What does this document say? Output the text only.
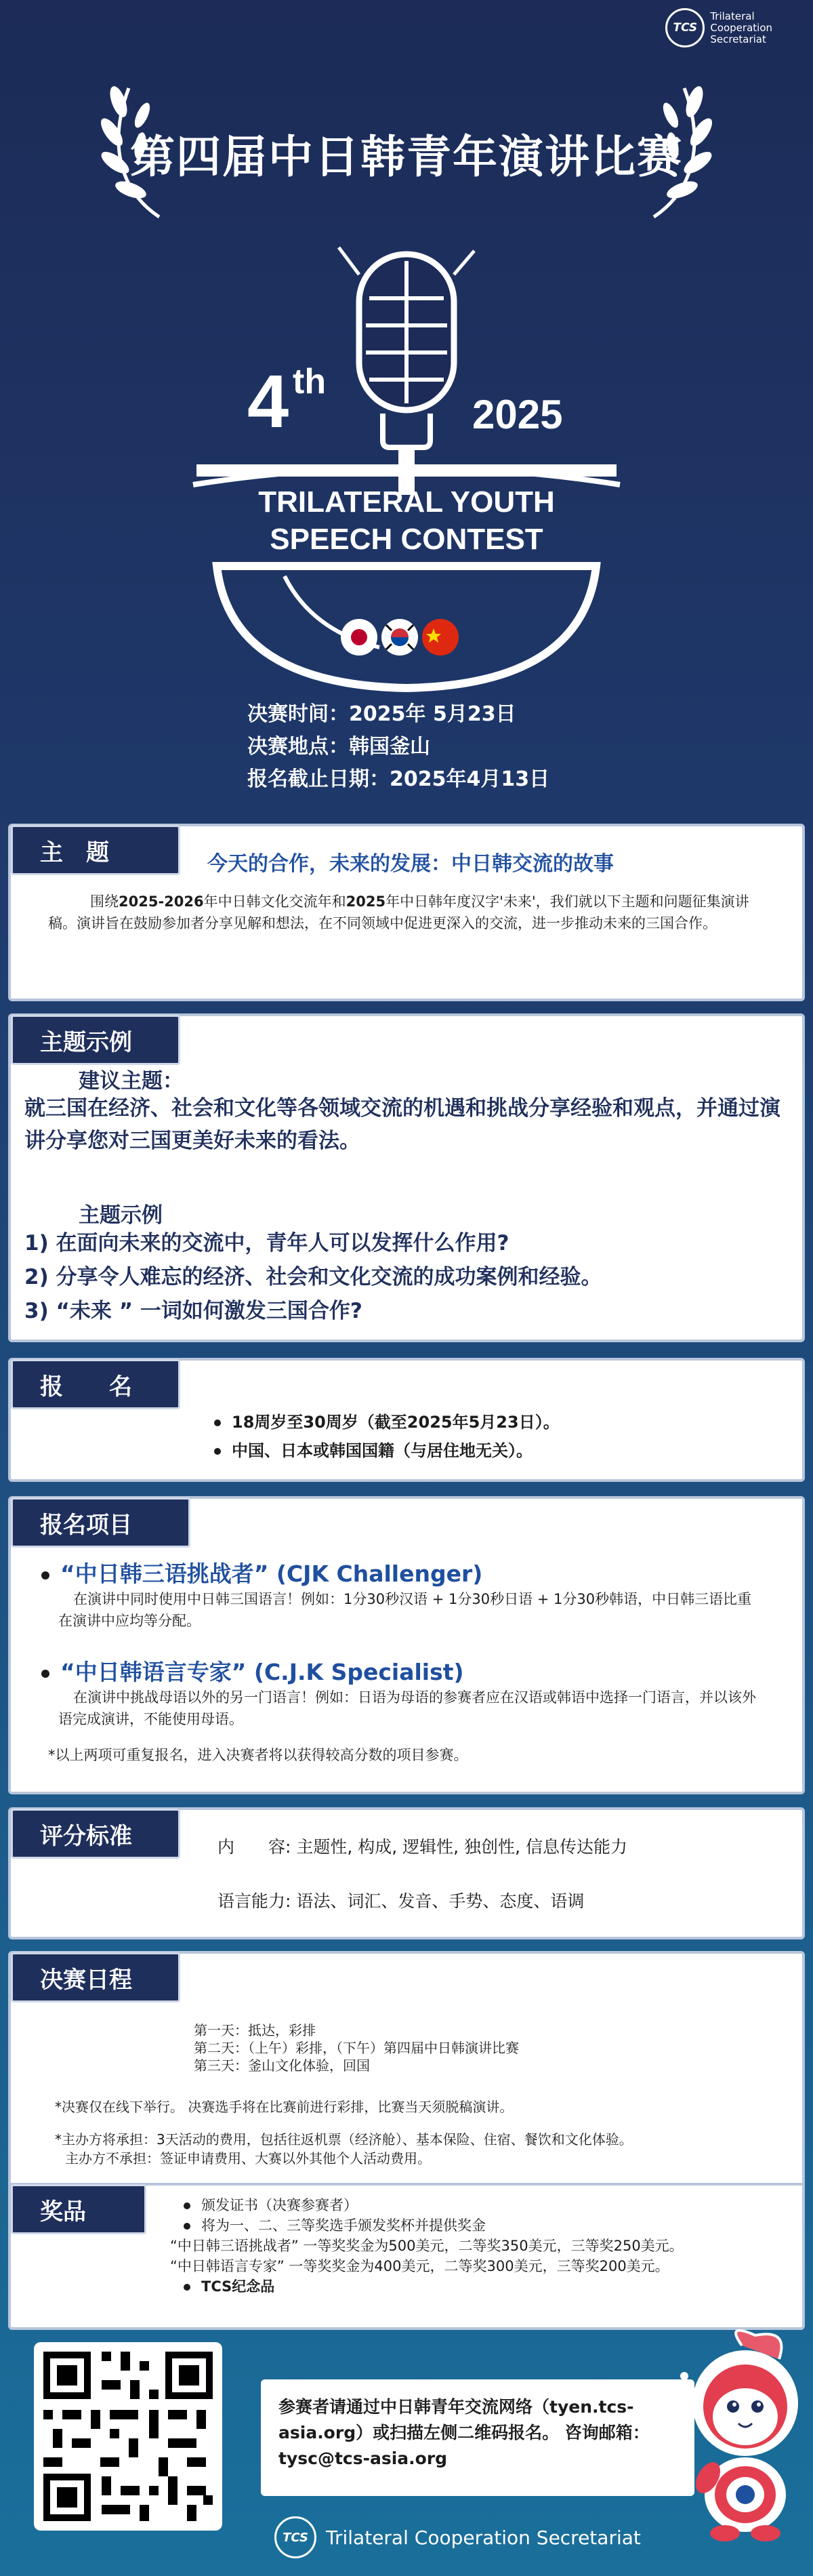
TCS
Trilateral
Cooperation
Secretariat
第四届中日韩青年演讲比赛
4 th
2025
TRILATERAL YOUTH
SPEECH CONTEST
决赛时间：2025年 5月23日
决赛地点：韩国釜山
报名截止日期：2025年4月13日
主　题	今天的合作，未来的发展：中日韩交流的故事
围绕2025-2026年中日韩文化交流年和2025年中日韩年度汉字'未来'，我们就以下主题和问题征集演讲稿。演讲旨在鼓励参加者分享见解和想法，在不同领域中促进更深入的交流，进一步推动未来的三国合作。
主题示例
建议主题：
就三国在经济、社会和文化等各领域交流的机遇和挑战分享经验和观点，并通过演讲分享您对三国更美好未来的看法。
主题示例
1) 在面向未来的交流中，青年人可以发挥什么作用?
2) 分享令人难忘的经济、社会和文化交流的成功案例和经验。
3) “未来 ” 一词如何激发三国合作?
报　　名
18周岁至30周岁（截至2025年5月23日）。
中国、日本或韩国国籍（与居住地无关）。
报名项目
“中日韩三语挑战者” (CJK Challenger)
在演讲中同时使用中日韩三国语言！例如：1分30秒汉语 + 1分30秒日语 + 1分30秒韩语，中日韩三语比重在演讲中应均等分配。
“中日韩语言专家” (C.J.K Specialist)
在演讲中挑战母语以外的另一门语言！例如：日语为母语的参赛者应在汉语或韩语中选择一门语言，并以该外语完成演讲，不能使用母语。
*以上两项可重复报名，进入决赛者将以获得较高分数的项目参赛。
评分标准	内　　容: 主题性, 构成, 逻辑性, 独创性, 信息传达能力
语言能力: 语法、词汇、发音、手势、态度、语调
决赛日程
第一天：抵达，彩排
第二天：（上午）彩排，（下午）第四届中日韩演讲比赛
第三天：釜山文化体验，回国
*决赛仅在线下举行。 决赛选手将在比赛前进行彩排，比赛当天须脱稿演讲。
*主办方将承担：3天活动的费用，包括往返机票（经济舱）、基本保险、住宿、餐饮和文化体验。
主办方不承担：签证申请费用、大赛以外其他个人活动费用。
奖品	颁发证书（决赛参赛者）
将为一、二、三等奖选手颁发奖杯并提供奖金
“中日韩三语挑战者” 一等奖奖金为500美元，二等奖350美元，三等奖250美元。
“中日韩语言专家” 一等奖奖金为400美元，二等奖300美元，三等奖200美元。
TCS纪念品
参赛者请通过中日韩青年交流网络（tyen.tcs-asia.org）或扫描左侧二维码报名。 咨询邮箱：tysc@tcs-asia.org
TCS Trilateral Cooperation Secretariat
